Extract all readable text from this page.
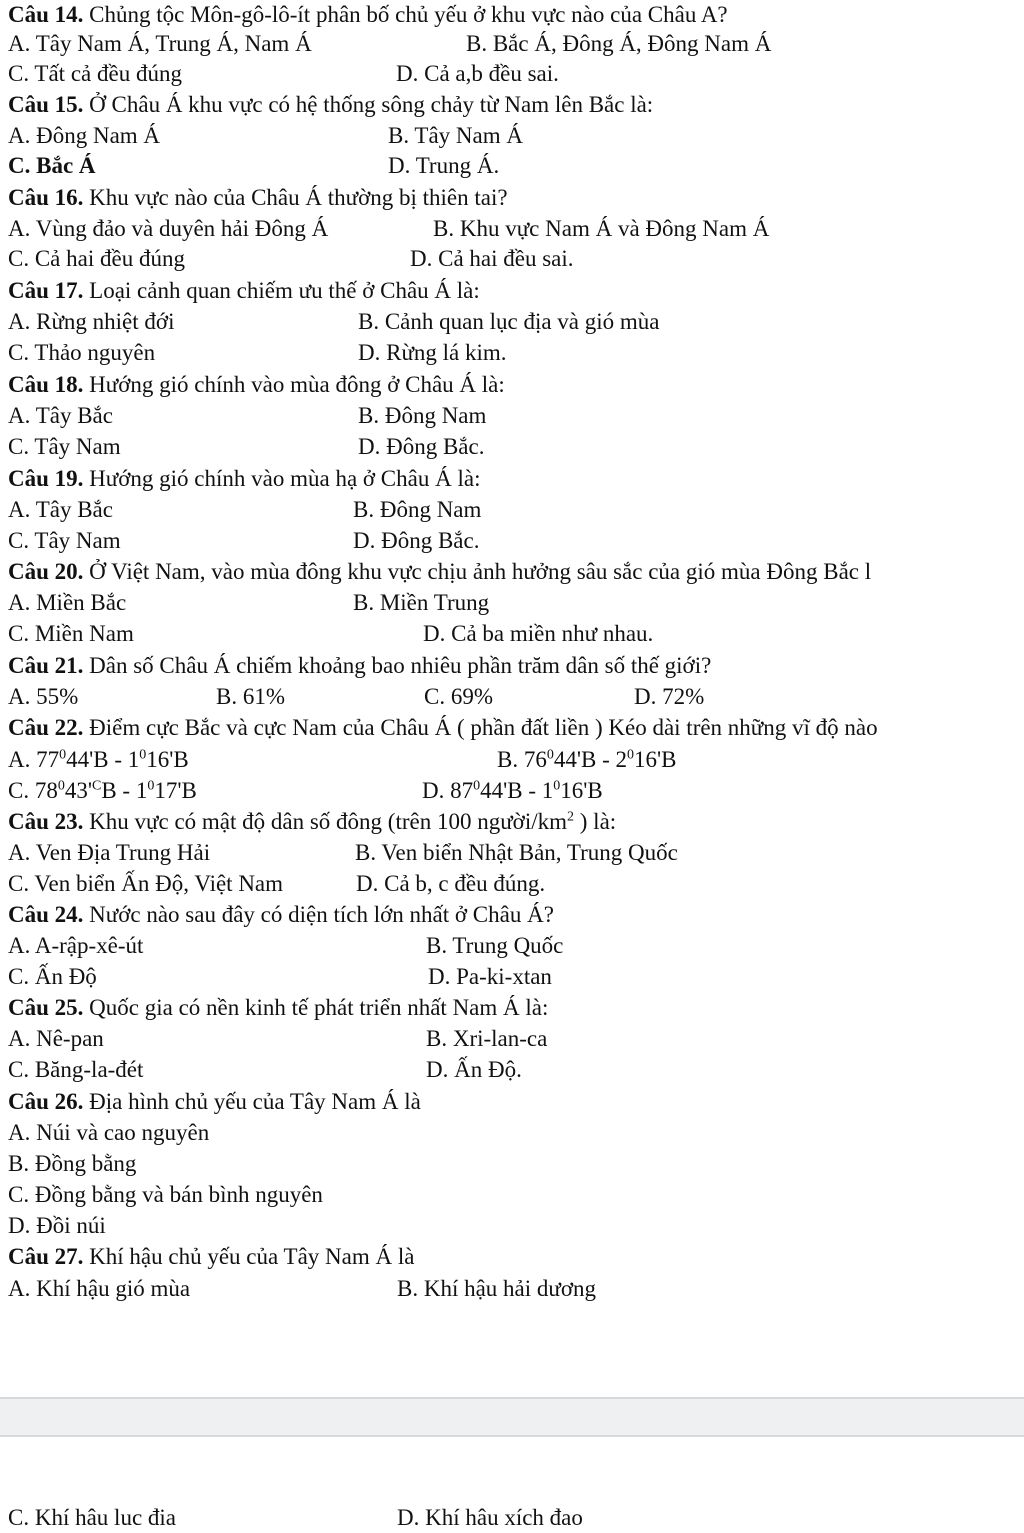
Câu 14. Chủng tộc Môn-gô-lô-ít phân bố chủ yếu ở khu vực nào của Châu A?
A. Tây Nam Á, Trung Á, Nam Á	B. Bắc Á, Đông Á, Đông Nam Á
C. Tất cả đều đúng	D. Cả a,b đều sai.
Câu 15. Ở Châu Á khu vực có hệ thống sông chảy từ Nam lên Bắc là:
A. Đông Nam Á	B. Tây Nam Á
C. Bắc Á	D. Trung Á.
Câu 16. Khu vực nào của Châu Á thường bị thiên tai?
A. Vùng đảo và duyên hải Đông Á	B. Khu vực Nam Á và Đông Nam Á
C. Cả hai đều đúng	D. Cả hai đều sai.
Câu 17. Loại cảnh quan chiếm ưu thế ở Châu Á là:
A. Rừng nhiệt đới	B. Cảnh quan lục địa và gió mùa
C. Thảo nguyên	D. Rừng lá kim.
Câu 18. Hướng gió chính vào mùa đông ở Châu Á là:
A. Tây Bắc	B. Đông Nam
C. Tây Nam	D. Đông Bắc.
Câu 19. Hướng gió chính vào mùa hạ ở Châu Á là:
A. Tây Bắc	B. Đông Nam
C. Tây Nam	D. Đông Bắc.
Câu 20. Ở Việt Nam, vào mùa đông khu vực chịu ảnh hưởng sâu sắc của gió mùa Đông Bắc l
A. Miền Bắc	B. Miền Trung
C. Miền Nam	D. Cả ba miền như nhau.
Câu 21. Dân số Châu Á chiếm khoảng bao nhiêu phần trăm dân số thế giới?
A. 55%	B. 61%	C. 69%	D. 72%
Câu 22. Điểm cực Bắc và cực Nam của Châu Á ( phần đất liền ) Kéo dài trên những vĩ độ nào
A. $77^044'B - 1^016'B$	B. $76^044'B - 2^016'B$
C. $78^043'^CB - 1^017'B$	D. $87^044'B - 1^016'B$
Câu 23. Khu vực có mật độ dân số đông (trên 100 người/$km^2$ ) là:
A. Ven Địa Trung Hải	B. Ven biển Nhật Bản, Trung Quốc
C. Ven biển Ấn Độ, Việt Nam	D. Cả b, c đều đúng.
Câu 24. Nước nào sau đây có diện tích lớn nhất ở Châu Á?
A. A-rập-xê-út	B. Trung Quốc
C. Ấn Độ	D. Pa-ki-xtan
Câu 25. Quốc gia có nền kinh tế phát triển nhất Nam Á là:
A. Nê-pan	B. Xri-lan-ca
C. Băng-la-đét	D. Ấn Độ.
Câu 26. Địa hình chủ yếu của Tây Nam Á là
A. Núi và cao nguyên
B. Đồng bằng
C. Đồng bằng và bán bình nguyên
D. Đồi núi
Câu 27. Khí hậu chủ yếu của Tây Nam Á là
A. Khí hậu gió mùa	B. Khí hậu hải dương
C. Khí hâu luc đia	D. Khí hâu xích đao
